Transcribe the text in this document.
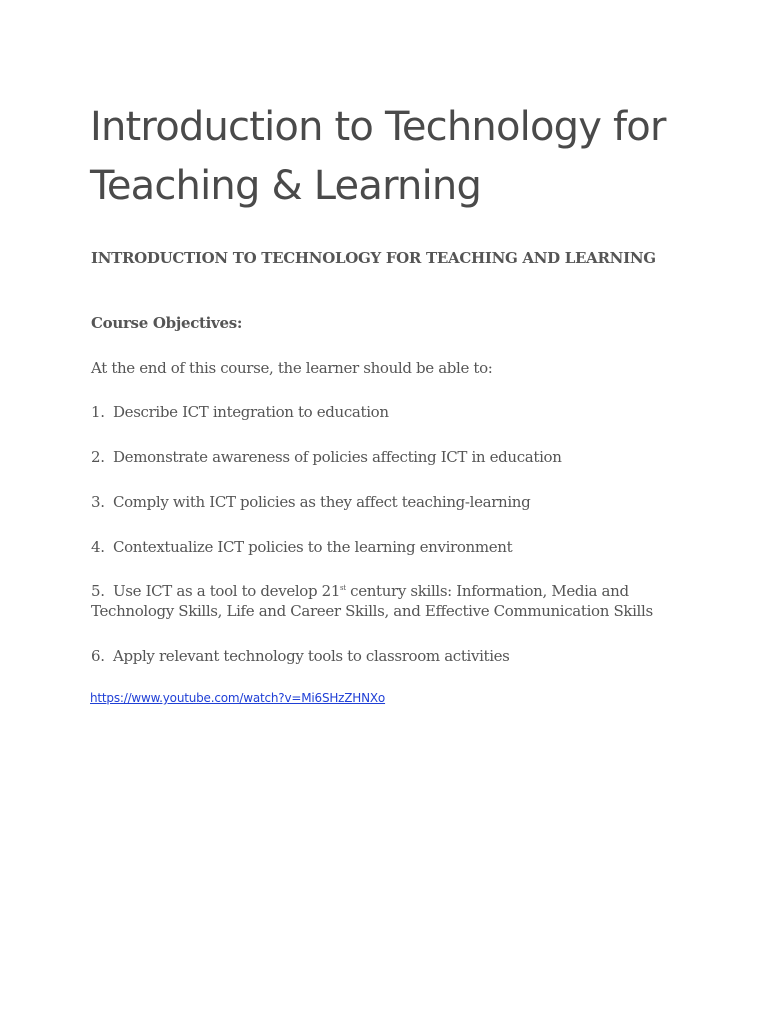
Introduction to Technology for Teaching & Learning
INTRODUCTION TO TECHNOLOGY FOR TEACHING AND LEARNING

Course Objectives:

At the end of this course, the learner should be able to:

1. Describe ICT integration to education

2. Demonstrate awareness of policies affecting ICT in education

3. Comply with ICT policies as they affect teaching-learning

4. Contextualize ICT policies to the learning environment

5. Use ICT as a tool to develop 21st century skills: Information, Media and Technology Skills, Life and Career Skills, and Effective Communication Skills

6. Apply relevant technology tools to classroom activities

https://www.youtube.com/watch?v=Mi6SHzZHNXo
